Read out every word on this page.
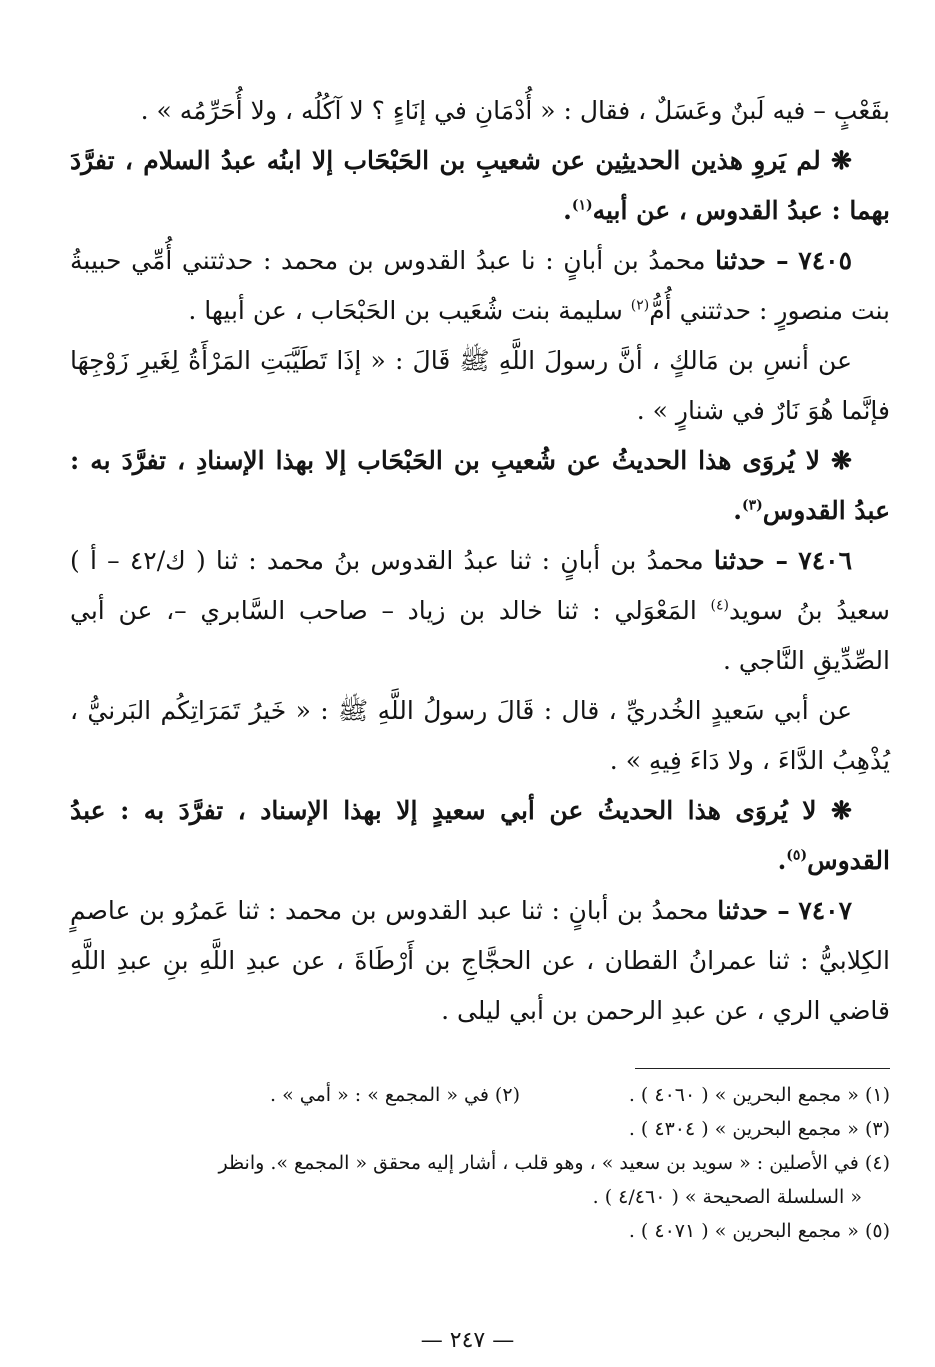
بقَعْبٍ – فيه لَبنٌ وعَسَلٌ ، فقال : « أُدْمَانِ في إنَاءٍ ؟ لا آكُلُه ، ولا أُحَرِّمُه » .

❋ لم يَروِ هذين الحديثِين عن شعيبِ بن الحَبْحَاب إلا ابنُه عبدُ السلام ، تفرَّدَ بهما : عبدُ القدوس ، عن أبيه$^{(١)}$.

٧٤٠٥ – حدثنا محمدُ بن أبانٍ : نا عبدُ القدوس بن محمد : حدثتني أُمِّي حبيبةُ بنت منصورٍ : حدثتني أُمُّ$^{(٢)}$ سليمة بنت شُعَيب بن الحَبْحَاب ، عن أبيها .

عن أنسِ بن مَالكٍ ، أنَّ رسولَ اللَّهِ ﷺ قَالَ : « إذَا تَطَيَّبَتِ المَرْأَةُ لِغَيرِ زَوْجِهَا فإنَّما هُوَ نَارٌ في شنارٍ » .

❋ لا يُروَى هذا الحديثُ عن شُعيبِ بن الحَبْحَاب إلا بهذا الإسنادِ ، تفرَّدَ به : عبدُ القدوس$^{(٣)}$.

٧٤٠٦ – حدثنا محمدُ بن أبانٍ : ثنا عبدُ القدوس بنُ محمد : ثنا ( ك/٤٢ – أ ) سعيدُ بنُ سويد$^{(٤)}$ المَعْوَلي : ثنا خالد بن زياد – صاحب السَّابري –، عن أبي الصِّدِّيقِ النَّاجي .

عن أبي سَعيدٍ الخُدريِّ ، قال : قَالَ رسولُ اللَّهِ ﷺ : « خَيرُ تَمَرَاتِكُم البَرنيُّ ، يُذْهِبُ الدَّاءَ ، ولا دَاءَ فِيهِ » .

❋ لا يُروَى هذا الحديثُ عن أبي سعيدٍ إلا بهذا الإسناد ، تفرَّدَ به : عبدُ القدوس$^{(٥)}$.

٧٤٠٧ – حدثنا محمدُ بن أبانٍ : ثنا عبد القدوس بن محمد : ثنا عَمرُو بن عاصمٍ الكِلابيُّ : ثنا عمرانُ القطان ، عن الحجَّاجِ بن أَرْطَاةَ ، عن عبدِ اللَّهِ بنِ عبدِ اللَّهِ قاضي الري ، عن عبدِ الرحمن بن أبي ليلى .

(١) « مجمع البحرين » ( ٤٠٦٠ ) .

(٢) في « المجمع » : « أمي » .

(٣) « مجمع البحرين » ( ٤٣٠٤ ) .

(٤) في الأصلين : « سويد بن سعيد » ، وهو قلب ، أشار إليه محقق « المجمع ». وانظر

« السلسلة الصحيحة » ( ٤/٤٦٠ ) .

(٥) « مجمع البحرين » ( ٤٠٧١ ) .

— ٢٤٧ —
